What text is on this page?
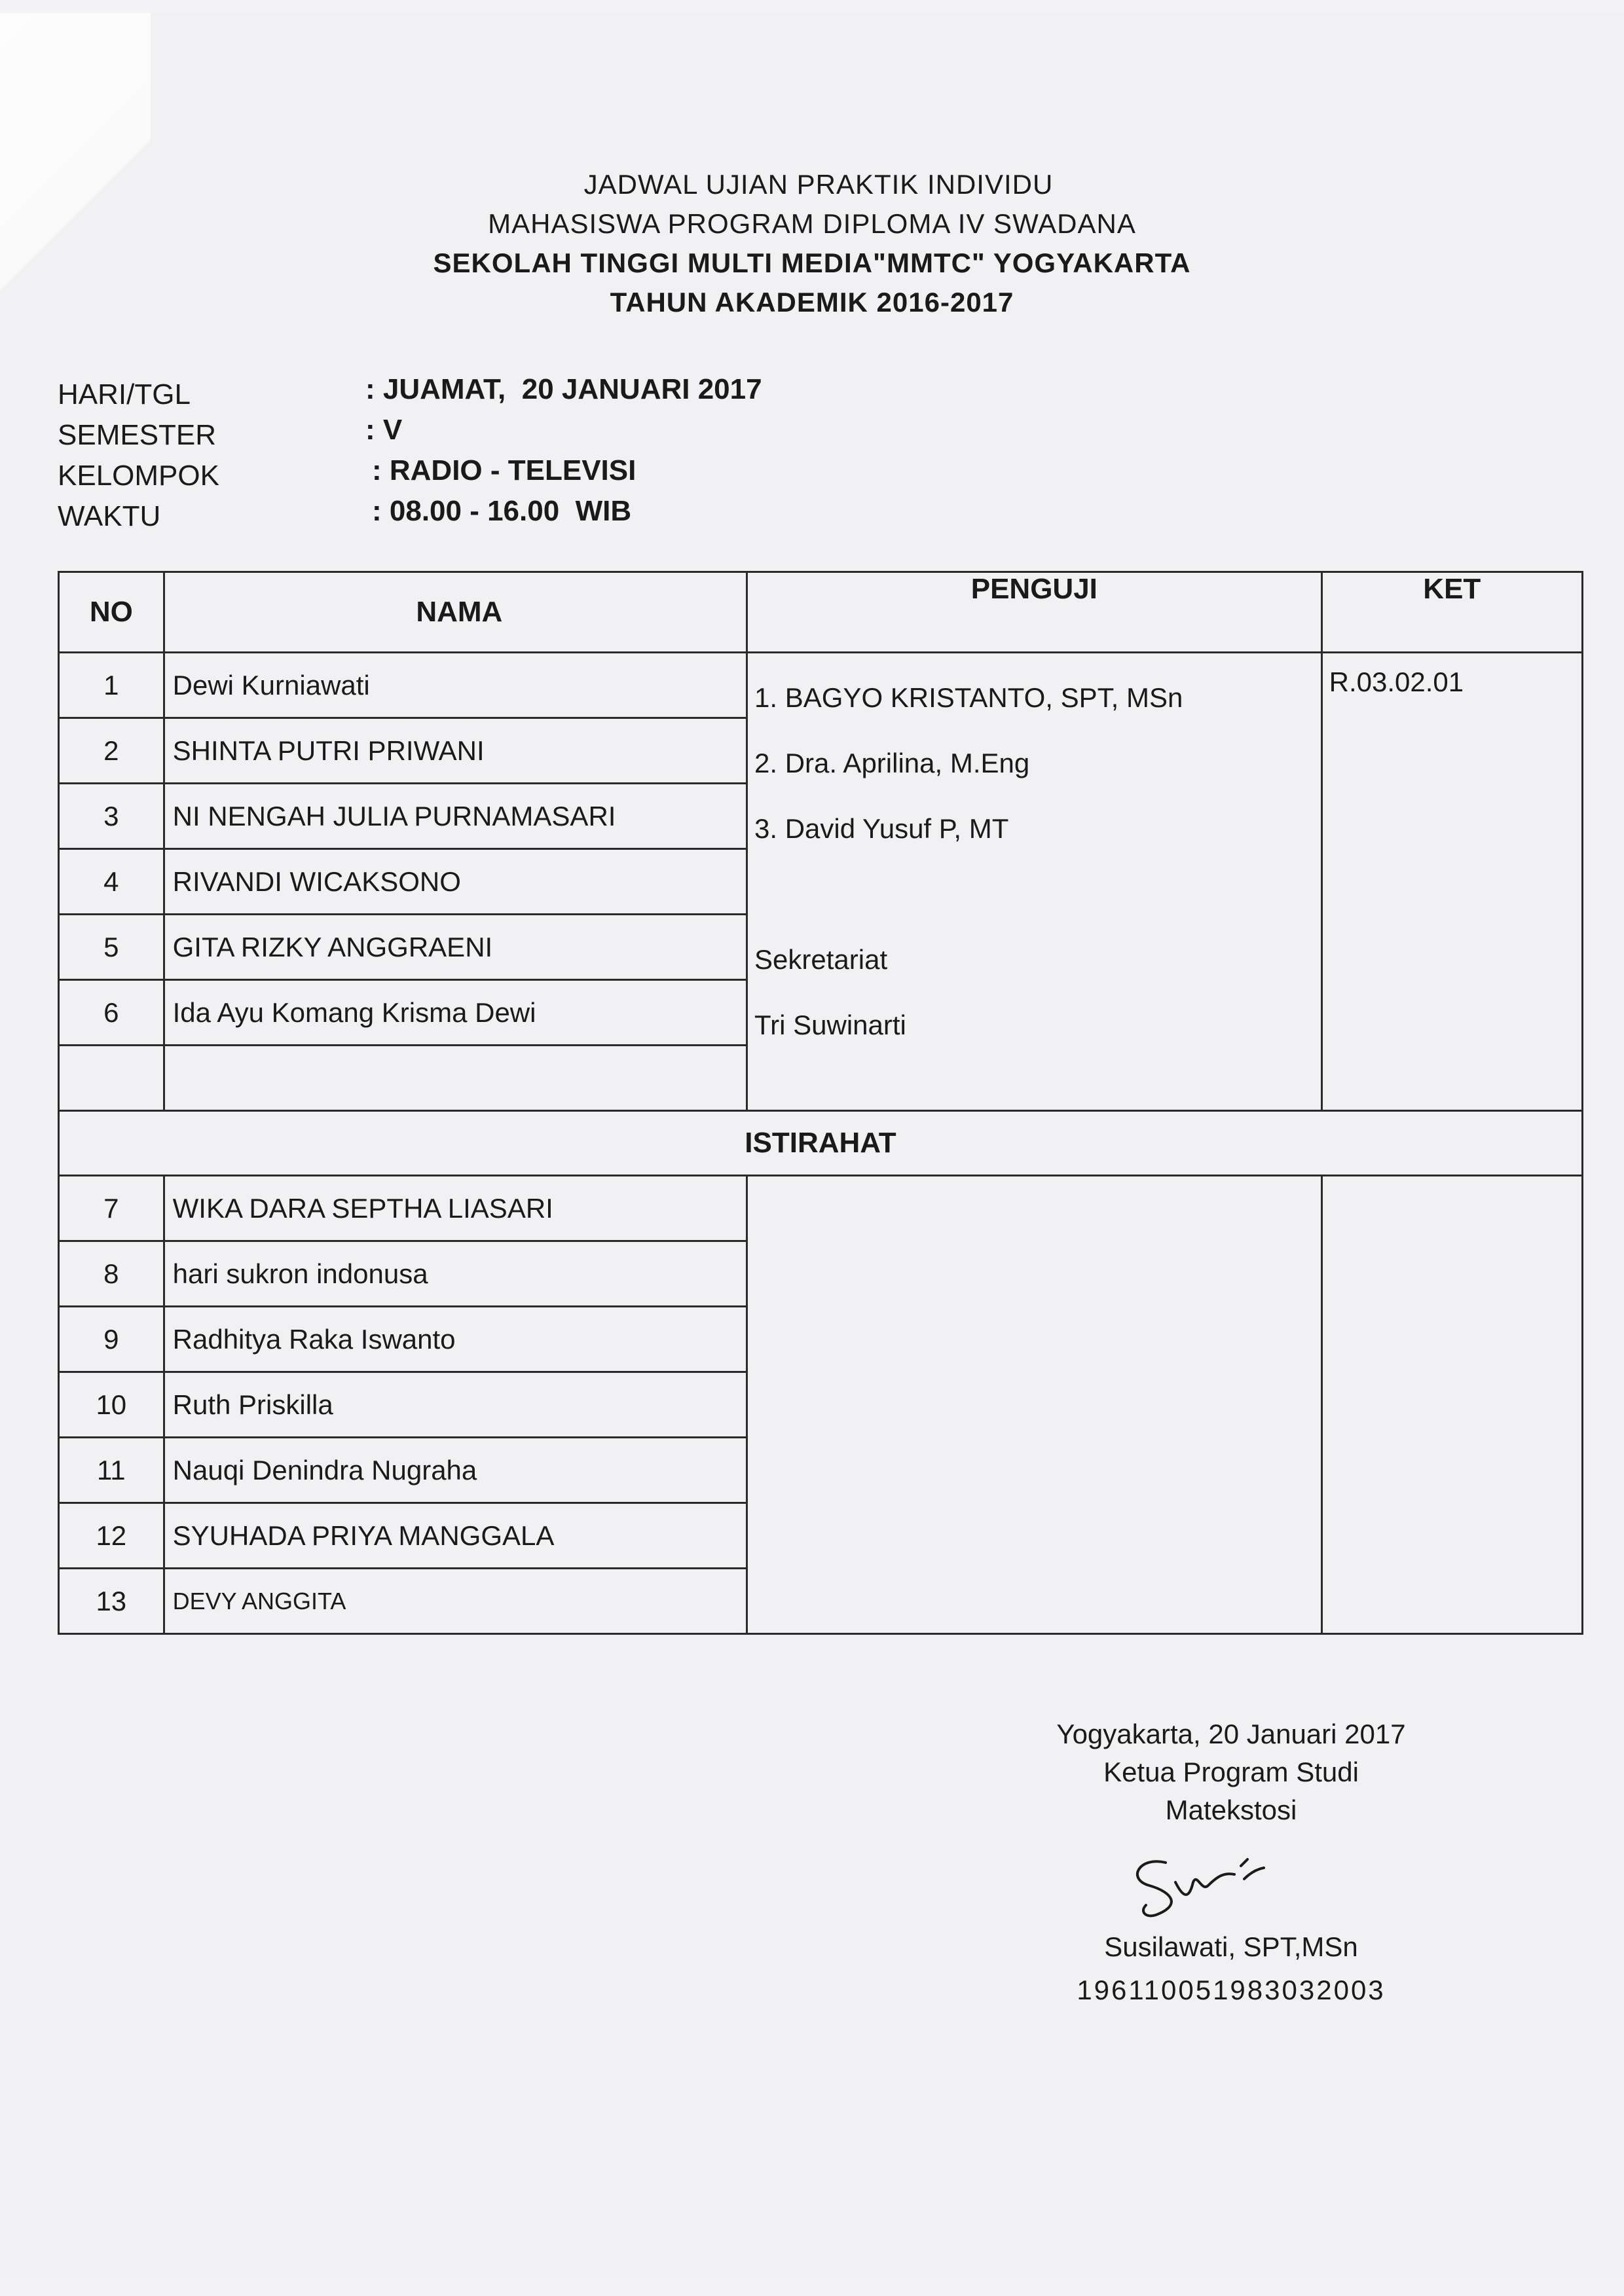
JADWAL UJIAN PRAKTIK INDIVIDU
MAHASISWA PROGRAM DIPLOMA IV SWADANA
SEKOLAH TINGGI MULTI MEDIA"MMTC" YOGYAKARTA
TAHUN AKADEMIK 2016-2017
HARI/TGL	: JUAMAT,  20 JANUARI 2017
SEMESTER	: V
KELOMPOK	: RADIO - TELEVISI
WAKTU	: 08.00 - 16.00  WIB
NO	NAMA	PENGUJI	KET
1	Dewi Kurniawati	1. BAGYO KRISTANTO, SPT, MSn
2. Dra. Aprilina, M.Eng
3. David Yusuf P, MT
Sekretariat
Tri Suwinarti	R.03.02.01

2	SHINTA PUTRI PRIWANI		
3	NI NENGAH JULIA PURNAMASARI		
4	RIVANDI WICAKSONO		
5	GITA RIZKY ANGGRAENI		
6	Ida Ayu Komang Krisma Dewi		

ISTIRAHAT			
7	WIKA DARA SEPTHA LIASARI		
8	hari sukron indonusa		
9	Radhitya Raka Iswanto		
10	Ruth Priskilla		
11	Nauqi Denindra Nugraha		
12	SYUHADA PRIYA MANGGALA		
13	DEVY ANGGITA		
Yogyakarta, 20 Januari 2017
Ketua Program Studi
Matekstosi
Susilawati, SPT,MSn
196110051983032003
